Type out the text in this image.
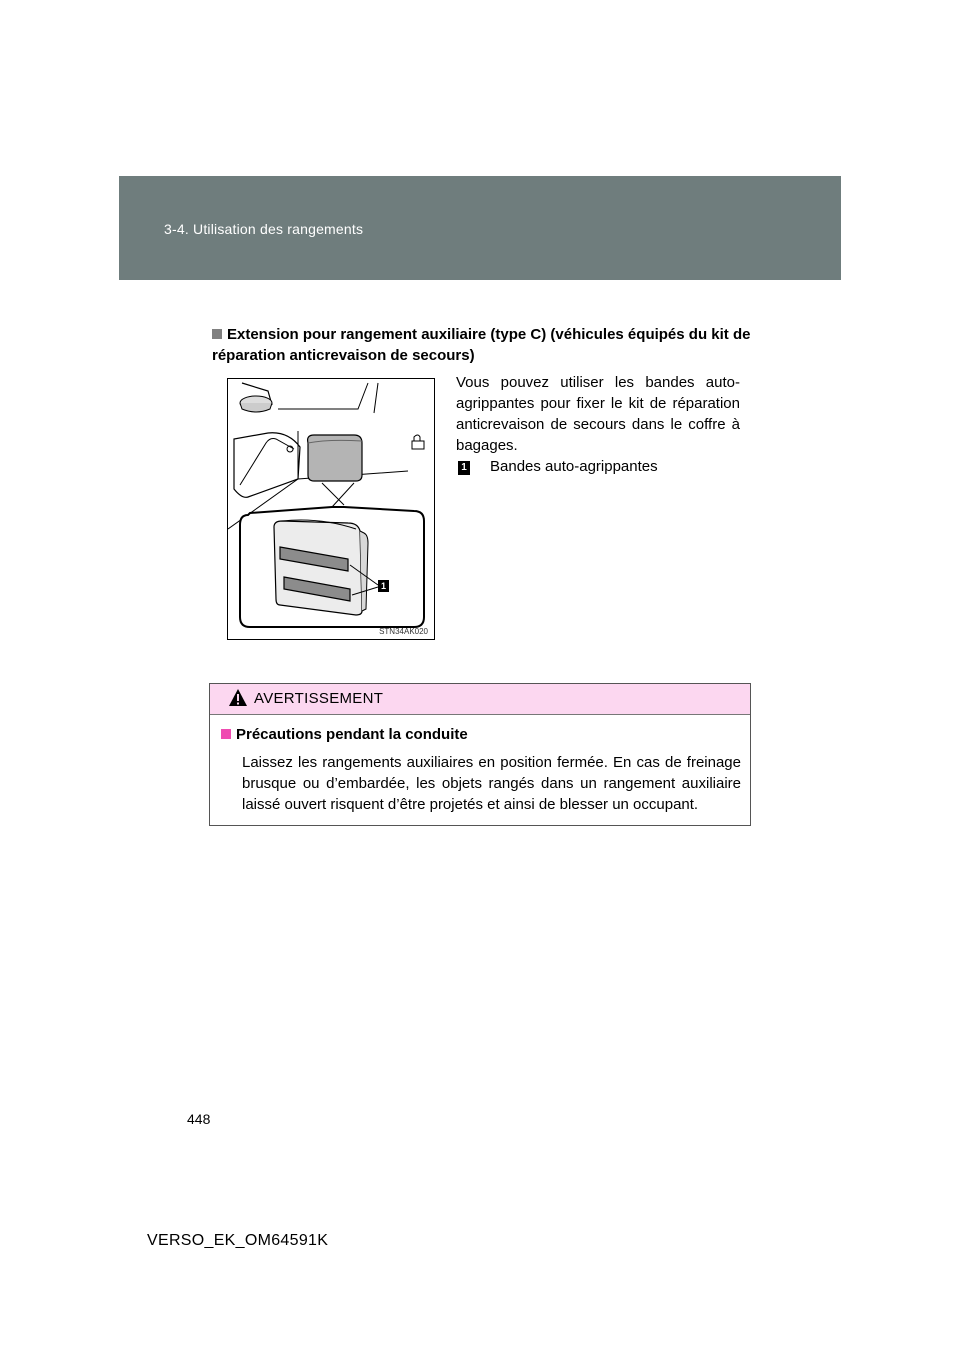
3-4. Utilisation des rangements
Extension pour rangement auxiliaire (type C) (véhicules équipés du kit de réparation anticrevaison de secours)
1
STN34AK020
Vous pouvez utiliser les bandes auto-agrippantes pour fixer le kit de réparation anticrevaison de secours dans le coffre à bagages.
1 Bandes auto-agrippantes
AVERTISSEMENT
Précautions pendant la conduite
Laissez les rangements auxiliaires en position fermée. En cas de freinage brusque ou d’embardée, les objets rangés dans un rangement auxiliaire laissé ouvert risquent d’être projetés et ainsi de blesser un occupant.
448
VERSO_EK_OM64591K
